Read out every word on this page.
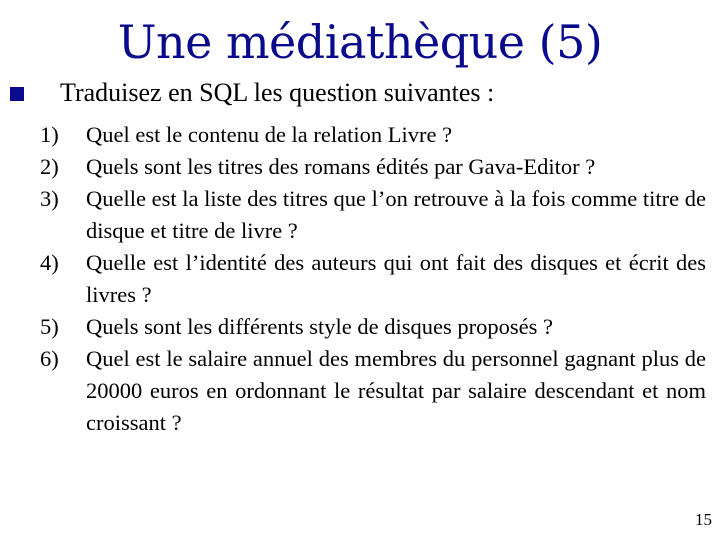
Une médiathèque (5)
Traduisez en SQL les question suivantes :
1) Quel est le contenu de la relation Livre ?
2) Quels sont les titres des romans édités par Gava-Editor ?
3) Quelle est la liste des titres que l’on retrouve à la fois comme titre de disque et titre de livre ?
4) Quelle est l’identité des auteurs qui ont fait des disques et écrit des livres ?
5) Quels sont les différents style de disques proposés ?
6) Quel est le salaire annuel des membres du personnel gagnant plus de 20000 euros en ordonnant le résultat par salaire descendant et nom croissant ?
15
